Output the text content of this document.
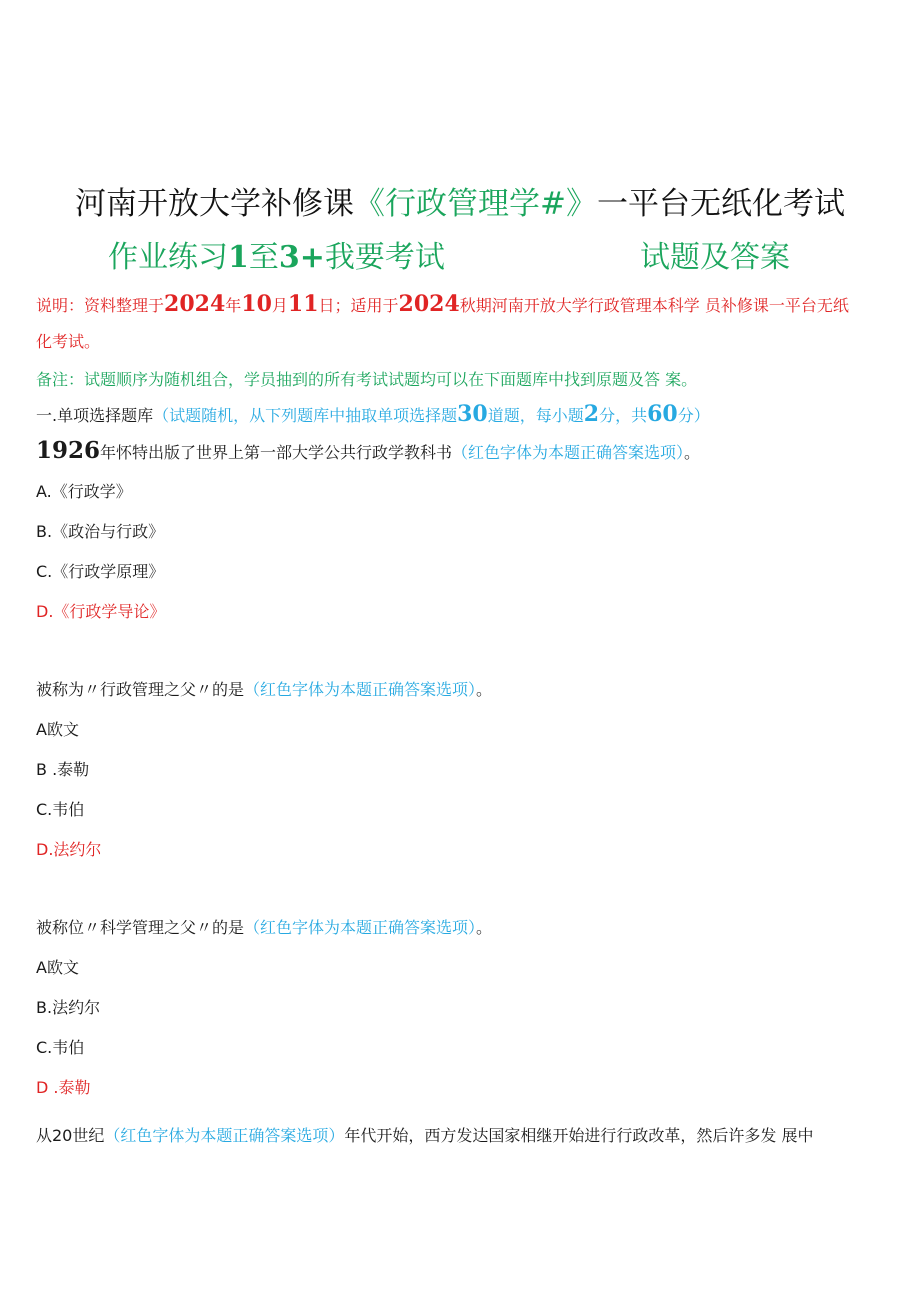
河南开放大学补修课《行政管理学#》一平台无纸化考试
作业练习1至3+我要考试	试题及答案
说明：资料整理于2024年10月11日；适用于2024秋期河南开放大学行政管理本科学 员补修课一平台无纸
化考试。
备注：试题顺序为随机组合，学员抽到的所有考试试题均可以在下面题库中找到原题及答 案。
一.单项选择题库（试题随机，从下列题库中抽取单项选择题30道题，每小题2分，共60分）
1926年怀特出版了世界上第一部大学公共行政学教科书（红色字体为本题正确答案选项）。
A.《行政学》
B.《政治与行政》
C.《行政学原理》
D.《行政学导论》
被称为〃行政管理之父〃的是（红色字体为本题正确答案选项）。
A欧文
B .泰勒
C.韦伯
D.法约尔
被称位〃科学管理之父〃的是（红色字体为本题正确答案选项）。
A欧文
B.法约尔
C.韦伯
D .泰勒
从20世纪（红色字体为本题正确答案选项）年代开始，西方发达国家相继开始进行行政改革，然后许多发 展中
